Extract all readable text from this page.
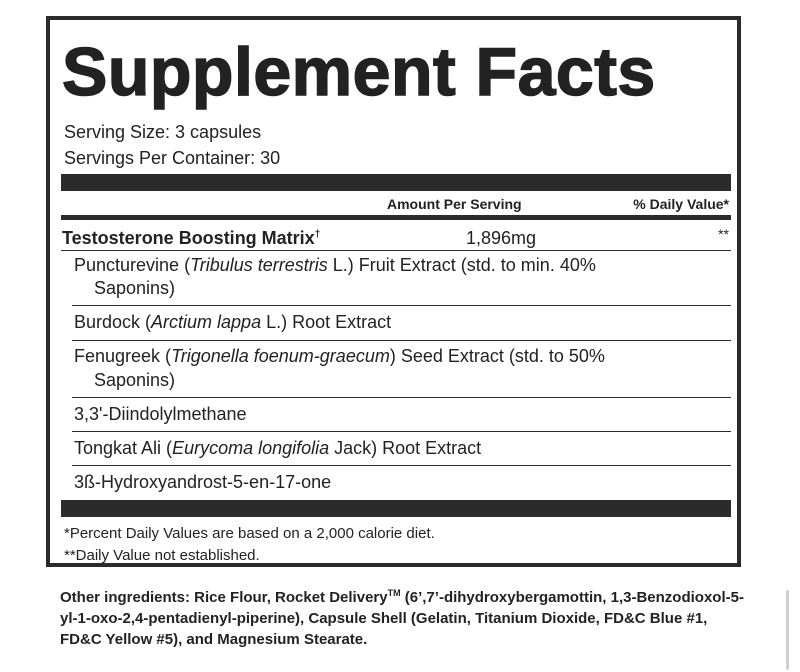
Supplement Facts
Serving Size: 3 capsules
Servings Per Container: 30
Amount Per Serving	% Daily Value*
Testosterone Boosting Matrix†	1,896mg	**
Puncturevine (Tribulus terrestris L.) Fruit Extract (std. to min. 40%
Saponins)
Burdock (Arctium lappa L.) Root Extract
Fenugreek (Trigonella foenum-graecum) Seed Extract (std. to 50%
Saponins)
3,3'-Diindolylmethane
Tongkat Ali (Eurycoma longifolia Jack) Root Extract
3ß-Hydroxyandrost-5-en-17-one
*Percent Daily Values are based on a 2,000 calorie diet.
**Daily Value not established.
Other ingredients: Rice Flour, Rocket Delivery™ (6’,7’-dihydroxybergamottin, 1,3-Benzodioxol-5-yl-1-oxo-2,4-pentadienyl-piperine), Capsule Shell (Gelatin, Titanium Dioxide, FD&C Blue #1, FD&C Yellow #5), and Magnesium Stearate.
